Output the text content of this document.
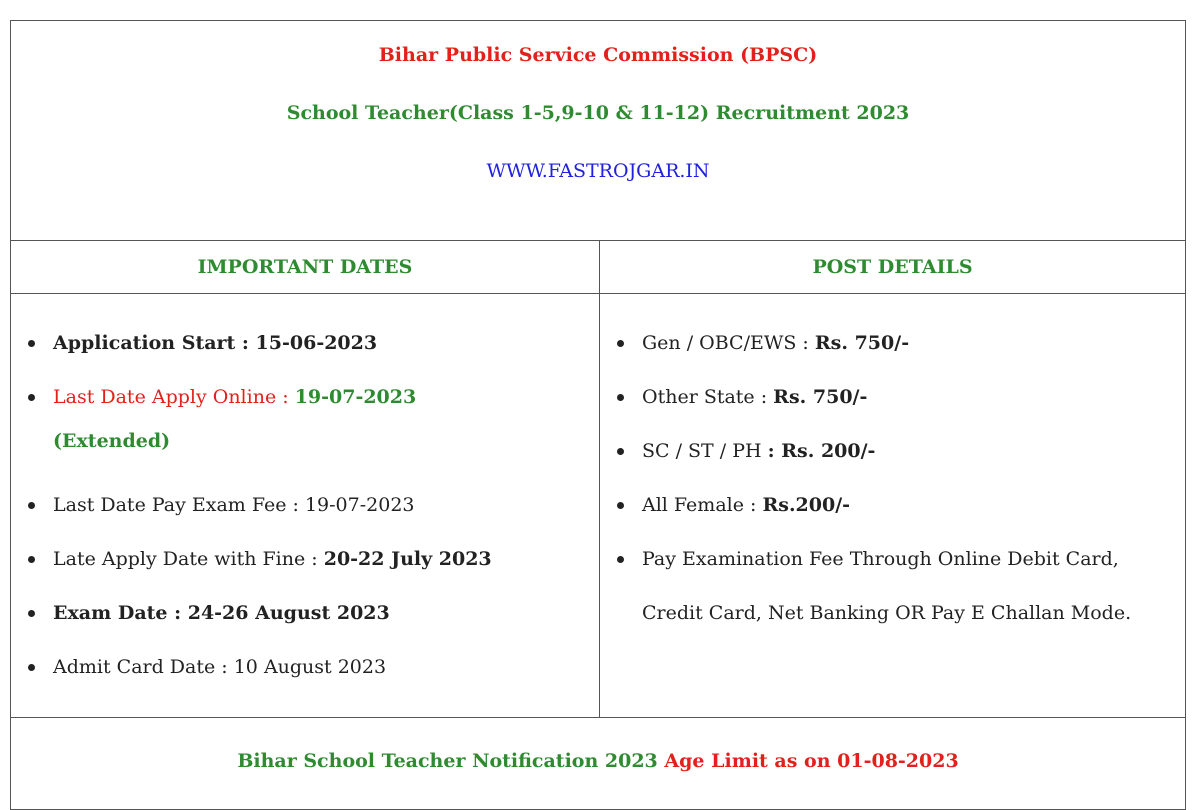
Bihar Public Service Commission (BPSC)

School Teacher(Class 1-5,9-10 & 11-12) Recruitment 2023

WWW.FASTROJGAR.IN

IMPORTANT DATES
Application Start : 15-06-2023
Last Date Apply Online : 19-07-2023
(Extended)
Last Date Pay Exam Fee : 19-07-2023
Late Apply Date with Fine : 20-22 July 2023
Exam Date : 24-26 August 2023
Admit Card Date : 10 August 2023
POST DETAILS
Gen / OBC/EWS : Rs. 750/-
Other State : Rs. 750/-
SC / ST / PH : Rs. 200/-
All Female : Rs.200/-
Pay Examination Fee Through Online Debit Card, Credit Card, Net Banking OR Pay E Challan Mode.
Bihar School Teacher Notification 2023 Age Limit as on 01-08-2023
